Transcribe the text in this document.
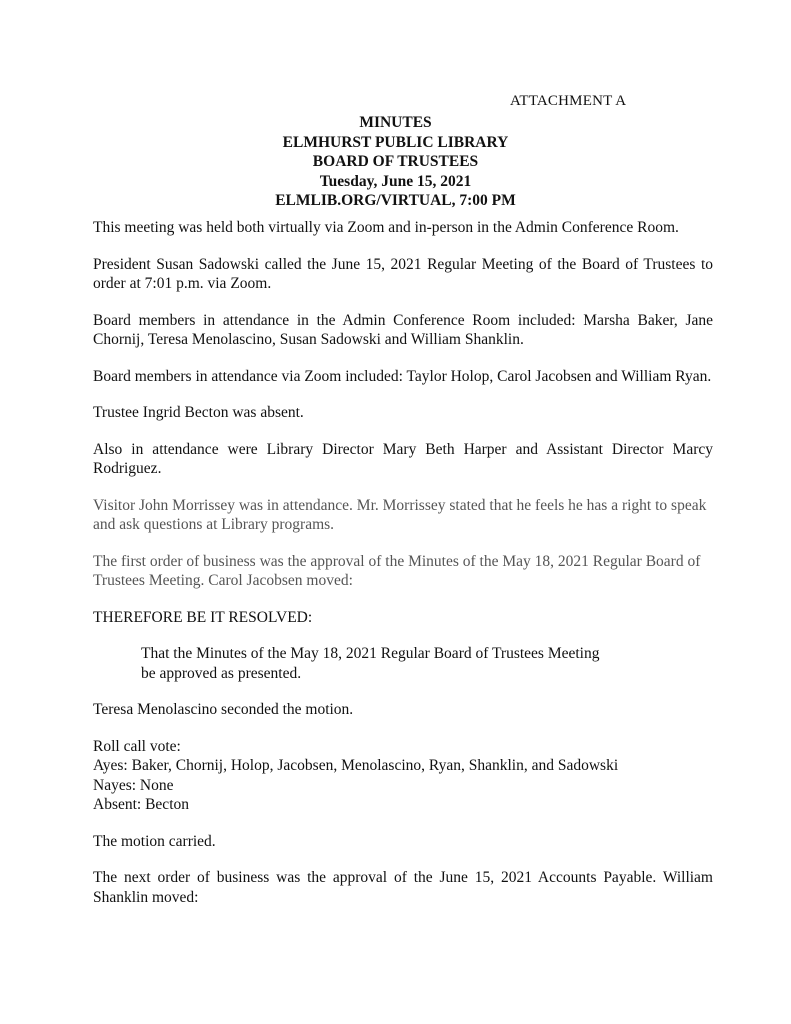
ATTACHMENT A
MINUTES
ELMHURST PUBLIC LIBRARY
BOARD OF TRUSTEES
Tuesday, June 15, 2021
ELMLIB.ORG/VIRTUAL, 7:00 PM

This meeting was held both virtually via Zoom and in-person in the Admin Conference Room.

President Susan Sadowski called the June 15, 2021 Regular Meeting of the Board of Trustees to order at 7:01 p.m. via Zoom.

Board members in attendance in the Admin Conference Room included: Marsha Baker, Jane Chornij, Teresa Menolascino, Susan Sadowski and William Shanklin.

Board members in attendance via Zoom included: Taylor Holop, Carol Jacobsen and William Ryan.

Trustee Ingrid Becton was absent.

Also in attendance were Library Director Mary Beth Harper and Assistant Director Marcy Rodriguez.

Visitor John Morrissey was in attendance. Mr. Morrissey stated that he feels he has a right to speak and ask questions at Library programs.

The first order of business was the approval of the Minutes of the May 18, 2021 Regular Board of Trustees Meeting. Carol Jacobsen moved:

THEREFORE BE IT RESOLVED:

That the Minutes of the May 18, 2021 Regular Board of Trustees Meeting
be approved as presented.

Teresa Menolascino seconded the motion.

Roll call vote:
Ayes: Baker, Chornij, Holop, Jacobsen, Menolascino, Ryan, Shanklin, and Sadowski
Nayes: None
Absent: Becton

The motion carried.

The next order of business was the approval of the June 15, 2021 Accounts Payable. William Shanklin moved:
